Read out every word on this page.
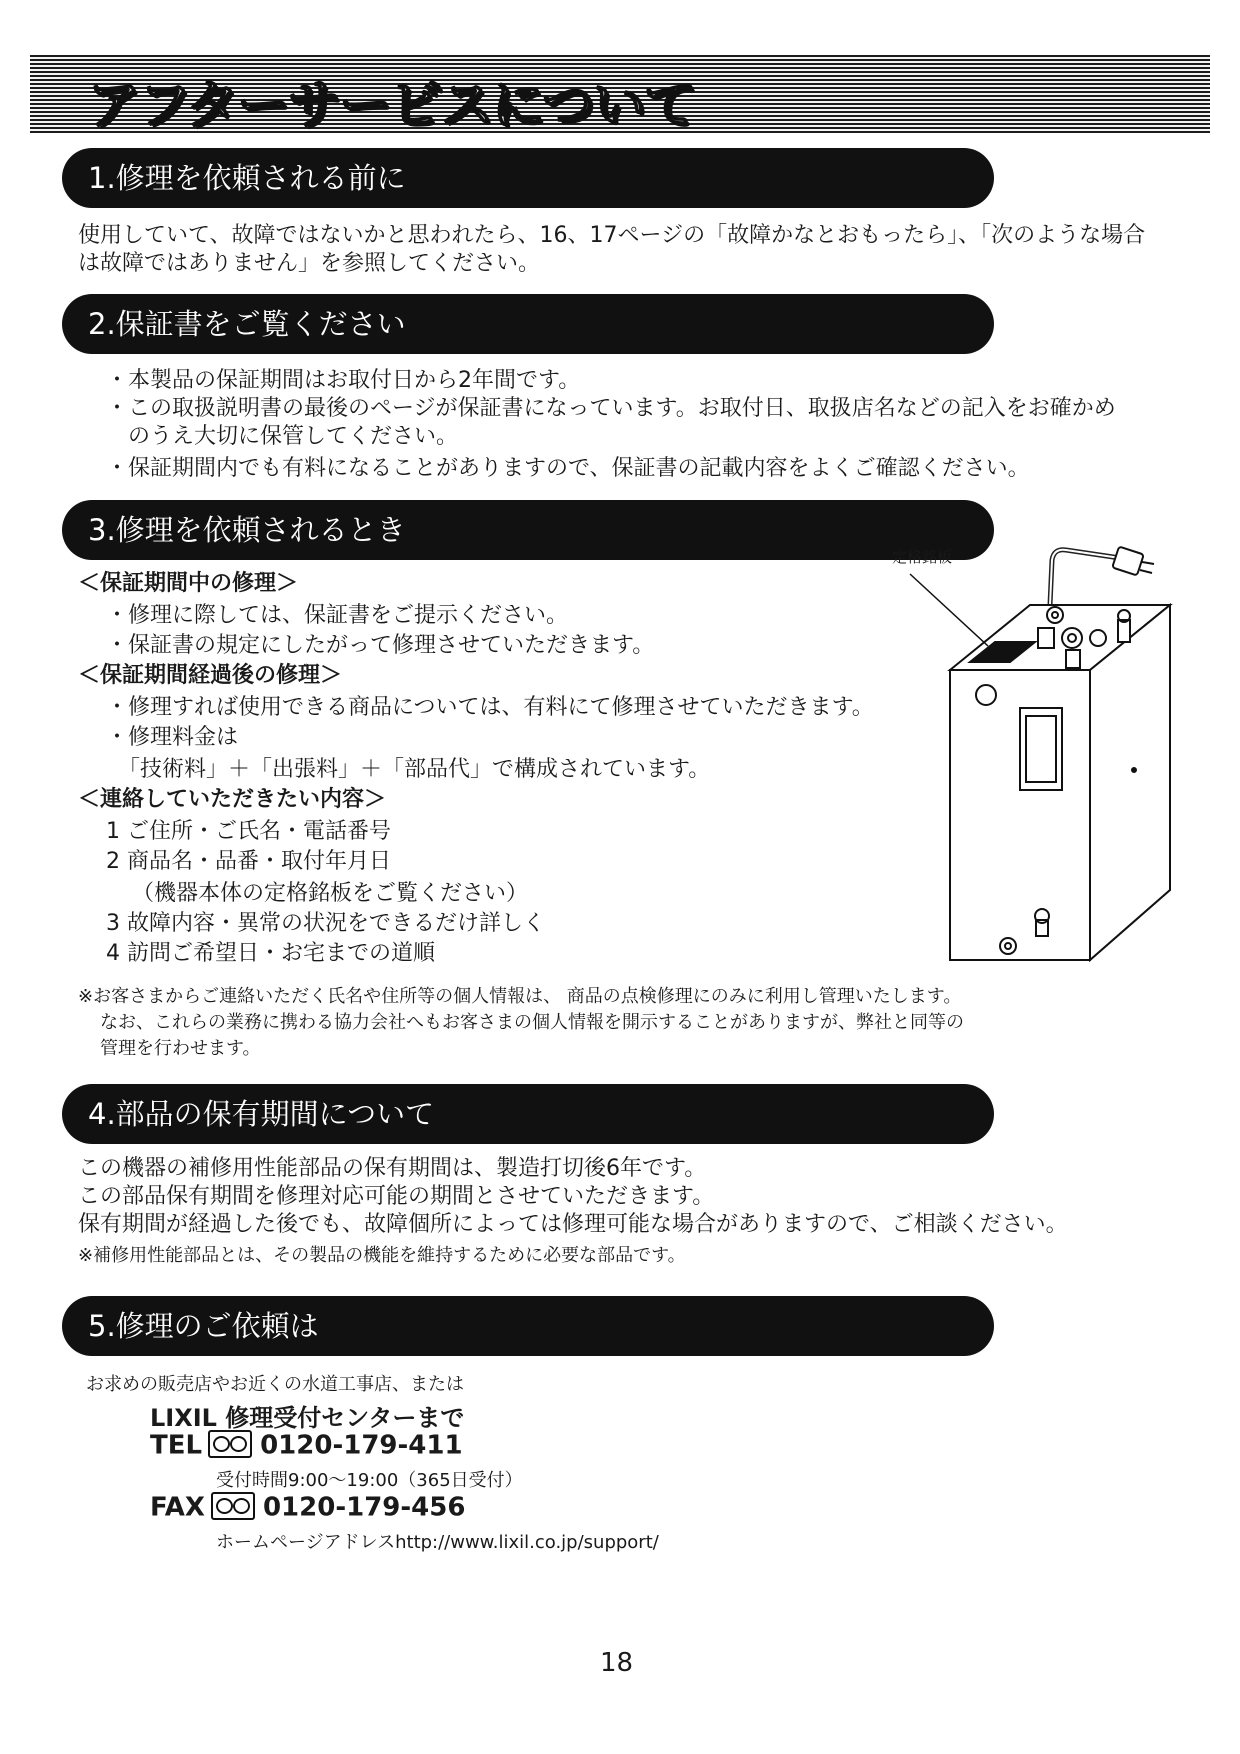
アフターサービスについて
1.修理を依頼される前に
使用していて、故障ではないかと思われたら、16、17ページの「故障かなとおもったら」、「次のような場合
は故障ではありません」を参照してください。
2.保証書をご覧ください
・本製品の保証期間はお取付日から2年間です。
・この取扱説明書の最後のページが保証書になっています。お取付日、取扱店名などの記入をお確かめ
のうえ大切に保管してください。
・保証期間内でも有料になることがありますので、保証書の記載内容をよくご確認ください。
3.修理を依頼されるとき
＜保証期間中の修理＞
・修理に際しては、保証書をご提示ください。
・保証書の規定にしたがって修理させていただきます。
＜保証期間経過後の修理＞
・修理すれば使用できる商品については、有料にて修理させていただきます。
・修理料金は
「技術料」＋「出張料」＋「部品代」で構成されています。
＜連絡していただきたい内容＞
1 ご住所・ご氏名・電話番号
2 商品名・品番・取付年月日
（機器本体の定格銘板をご覧ください）
3 故障内容・異常の状況をできるだけ詳しく
4 訪問ご希望日・お宅までの道順
定格銘板
※お客さまからご連絡いただく氏名や住所等の個人情報は、 商品の点検修理にのみに利用し管理いたします。
なお、これらの業務に携わる協力会社へもお客さまの個人情報を開示することがありますが、弊社と同等の
管理を行わせます。
4.部品の保有期間について
この機器の補修用性能部品の保有期間は、製造打切後6年です。
この部品保有期間を修理対応可能の期間とさせていただきます。
保有期間が経過した後でも、故障個所によっては修理可能な場合がありますので、ご相談ください。
※補修用性能部品とは、その製品の機能を維持するために必要な部品です。
5.修理のご依頼は
お求めの販売店やお近くの水道工事店、または
LIXIL 修理受付センターまで
TEL 0120-179-411
受付時間9:00～19:00（365日受付）
FAX 0120-179-456
ホームページアドレスhttp://www.lixil.co.jp/support/
18
